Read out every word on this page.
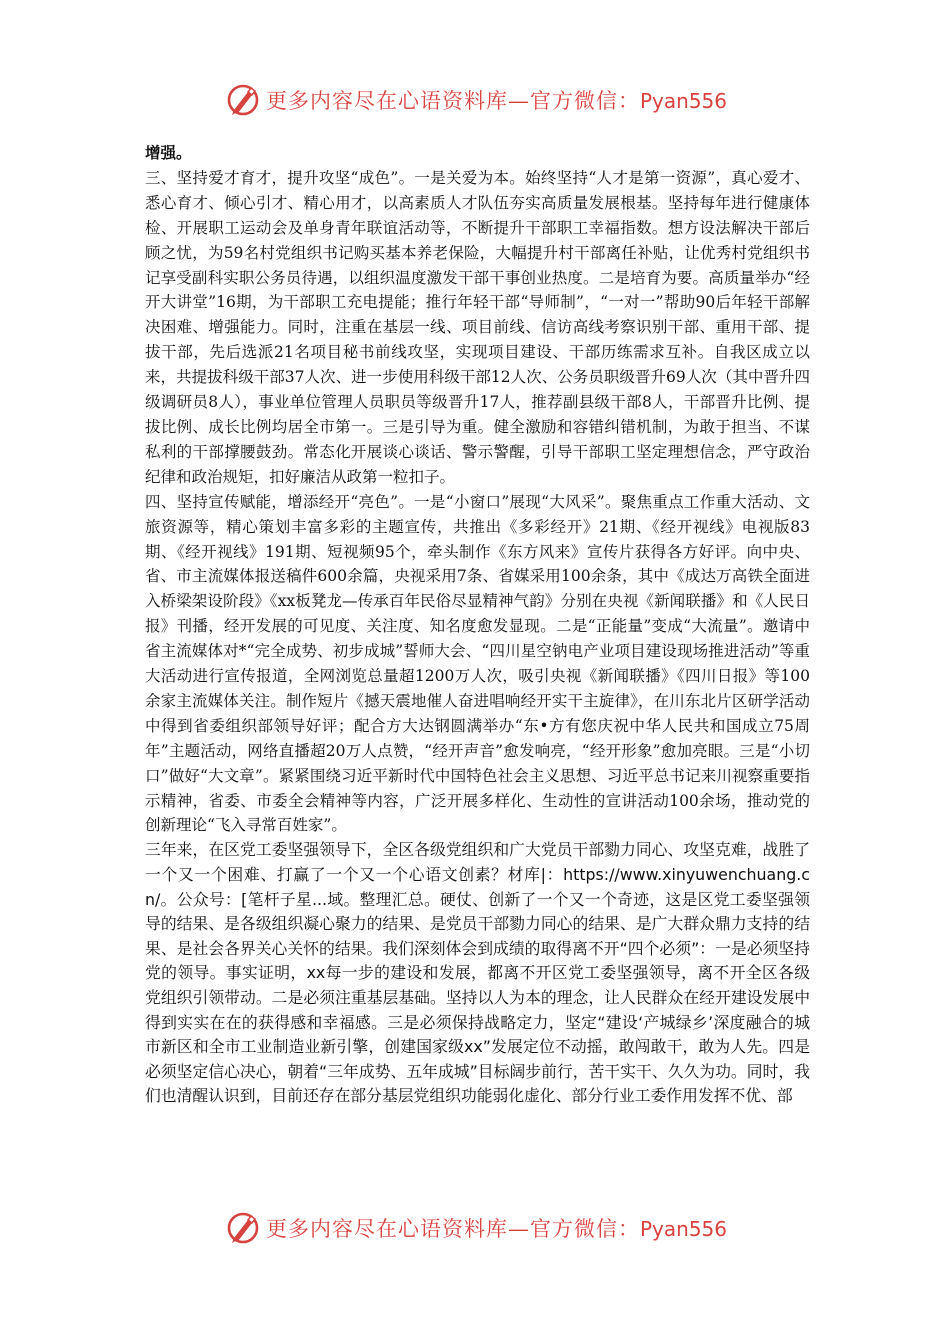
更多内容尽在心语资料库—官方微信：Pyan556

增强。

三、坚持爱才育才，提升攻坚“成色”。一是关爱为本。始终坚持“人才是第一资源”，真心爱才、悉心育才、倾心引才、精心用才，以高素质人才队伍夯实高质量发展根基。坚持每年进行健康体检、开展职工运动会及单身青年联谊活动等，不断提升干部职工幸福指数。想方设法解决干部后顾之忧，为59名村党组织书记购买基本养老保险，大幅提升村干部离任补贴，让优秀村党组织书记享受副科实职公务员待遇，以组织温度激发干部干事创业热度。二是培育为要。高质量举办“经开大讲堂”16期，为干部职工充电提能；推行年轻干部“导师制”，“一对一”帮助90后年轻干部解决困难、增强能力。同时，注重在基层一线、项目前线、信访高线考察识别干部、重用干部、提拔干部，先后选派21名项目秘书前线攻坚，实现项目建设、干部历练需求互补。自我区成立以来，共提拔科级干部37人次、进一步使用科级干部12人次、公务员职级晋升69人次（其中晋升四级调研员8人），事业单位管理人员职员等级晋升17人，推荐副县级干部8人，干部晋升比例、提拔比例、成长比例均居全市第一。三是引导为重。健全激励和容错纠错机制，为敢于担当、不谋私利的干部撑腰鼓劲。常态化开展谈心谈话、警示警醒，引导干部职工坚定理想信念，严守政治纪律和政治规矩，扣好廉洁从政第一粒扣子。

四、坚持宣传赋能，增添经开“亮色”。一是“小窗口”展现“大风采”。聚焦重点工作重大活动、文旅资源等，精心策划丰富多彩的主题宣传，共推出《多彩经开》21期、《经开视线》电视版83期、《经开视线》191期、短视频95个，牵头制作《东方风来》宣传片获得各方好评。向中央、省、市主流媒体报送稿件600余篇，央视采用7条、省媒采用100余条，其中《成达万高铁全面进入桥梁架设阶段》《xx板凳龙—传承百年民俗尽显精神气韵》分别在央视《新闻联播》和《人民日报》刊播，经开发展的可见度、关注度、知名度愈发显现。二是“正能量”变成“大流量”。邀请中省主流媒体对*“完全成势、初步成城”誓师大会、“四川星空钠电产业项目建设现场推进活动”等重大活动进行宣传报道，全网浏览总量超1200万人次，吸引央视《新闻联播》《四川日报》等100余家主流媒体关注。制作短片《撼天震地催人奋进唱响经开实干主旋律》，在川东北片区研学活动中得到省委组织部领导好评；配合方大达钢圆满举办“东•方有您庆祝中华人民共和国成立75周年”主题活动，网络直播超20万人点赞，“经开声音”愈发响亮，“经开形象”愈加亮眼。三是“小切口”做好“大文章”。紧紧围绕习近平新时代中国特色社会主义思想、习近平总书记来川视察重要指示精神，省委、市委全会精神等内容，广泛开展多样化、生动性的宣讲活动100余场，推动党的创新理论“飞入寻常百姓家”。

三年来，在区党工委坚强领导下，全区各级党组织和广大党员干部勠力同心、攻坚克难，战胜了一个又一个困难、打赢了一个又一个心语文创素？材库|：https://www.xinyuwenchuang.cn/。公众号：[笔杆子星...域。整理汇总。硬仗、创新了一个又一个奇迹，这是区党工委坚强领导的结果、是各级组织凝心聚力的结果、是党员干部勠力同心的结果、是广大群众鼎力支持的结果、是社会各界关心关怀的结果。我们深刻体会到成绩的取得离不开“四个必须”：一是必须坚持党的领导。事实证明，xx每一步的建设和发展，都离不开区党工委坚强领导，离不开全区各级党组织引领带动。二是必须注重基层基础。坚持以人为本的理念，让人民群众在经开建设发展中得到实实在在的获得感和幸福感。三是必须保持战略定力，坚定“建设‘产城绿乡’深度融合的城市新区和全市工业制造业新引擎，创建国家级xx”发展定位不动摇，敢闯敢干，敢为人先。四是必须坚定信心决心，朝着“三年成势、五年成城”目标阔步前行，苦干实干、久久为功。同时，我们也清醒认识到，目前还存在部分基层党组织功能弱化虚化、部分行业工委作用发挥不优、部

更多内容尽在心语资料库—官方微信：Pyan556
